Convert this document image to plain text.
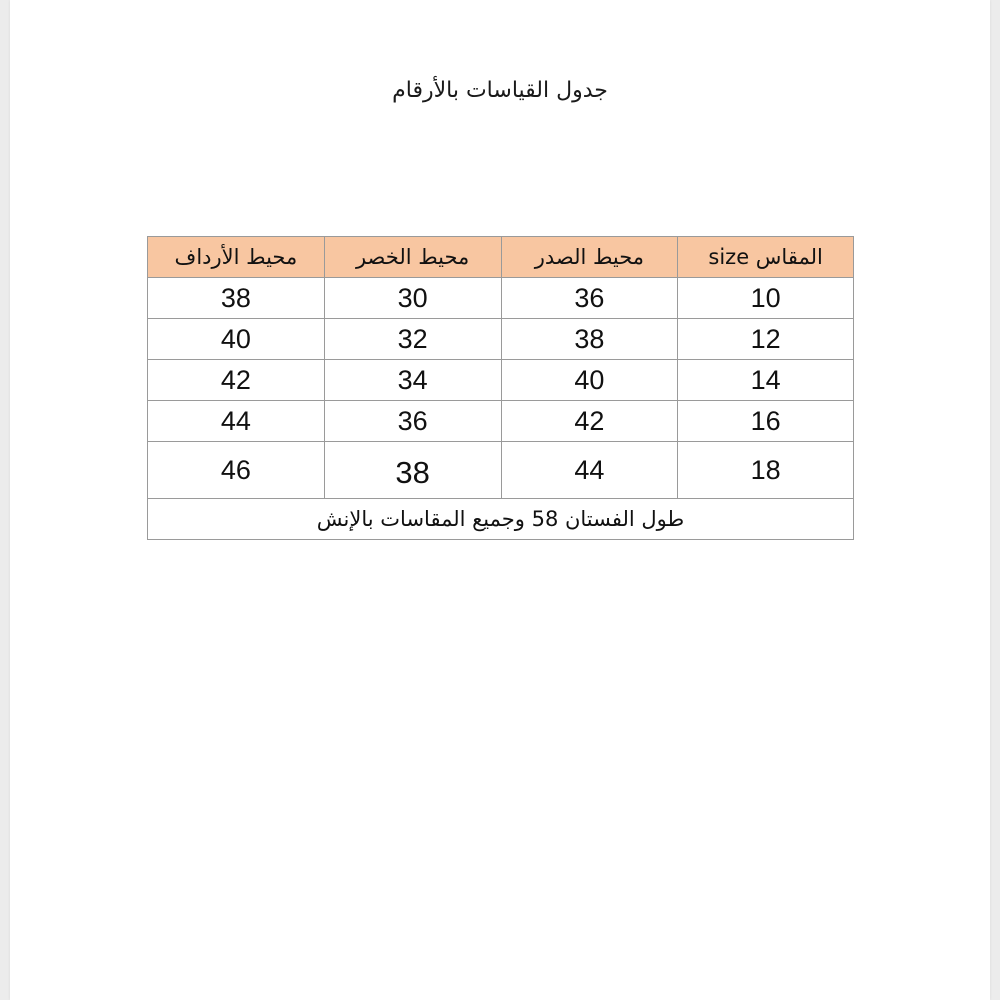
جدول القياسات بالأرقام
المقاس size	محيط الصدر	محيط الخصر	محيط الأرداف
10	36	30	38
12	38	32	40
14	40	34	42
16	42	36	44
18	44	38	46
طول الفستان 58 وجميع المقاسات بالإنش			
